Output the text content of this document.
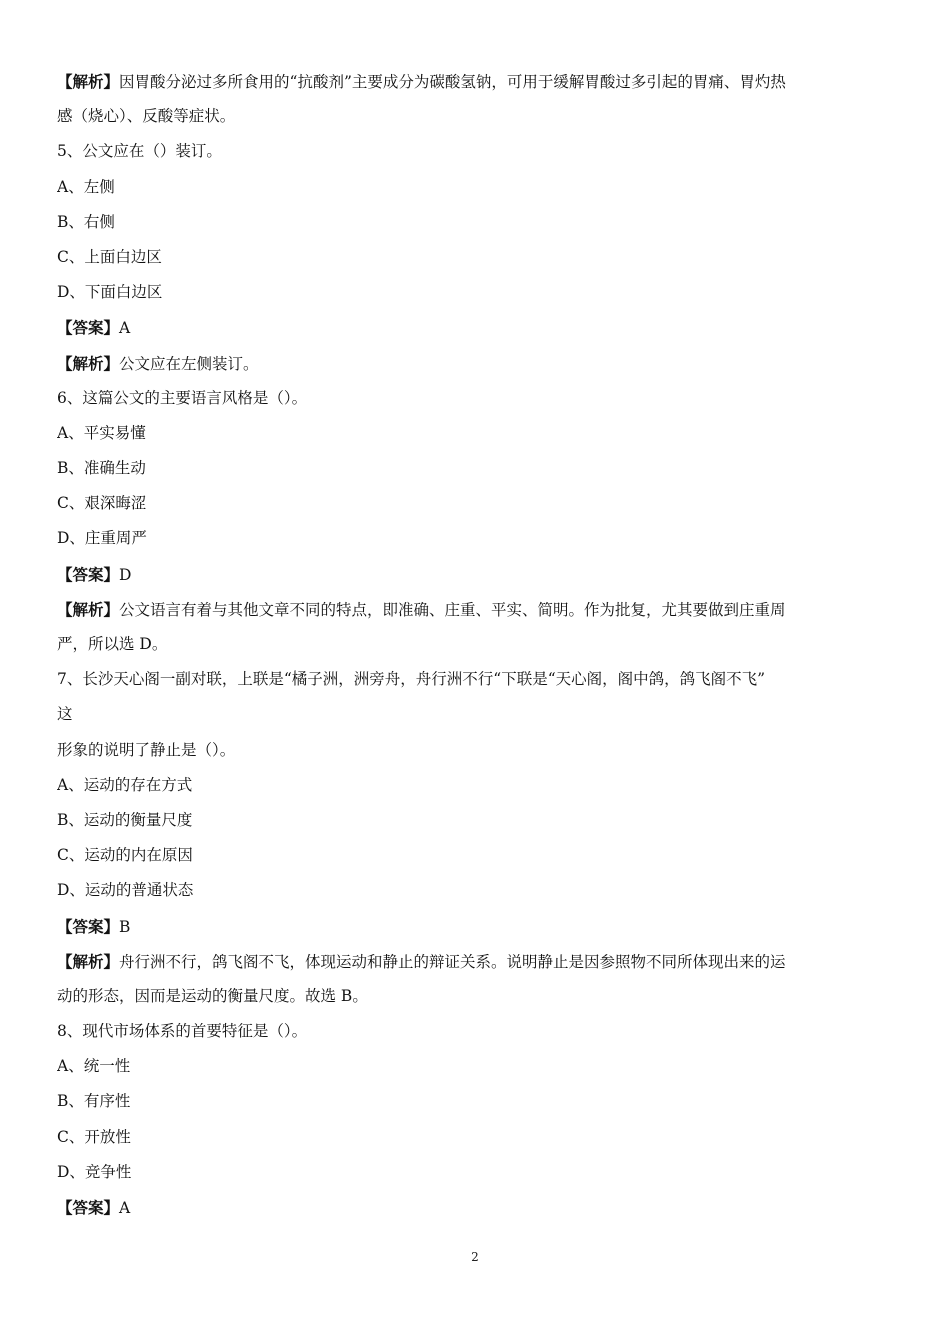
【解析】因胃酸分泌过多所食用的“抗酸剂”主要成分为碳酸氢钠，可用于缓解胃酸过多引起的胃痛、胃灼热
感（烧心）、反酸等症状。
5、公文应在（）装订。
A、左侧
B、右侧
C、上面白边区
D、下面白边区
【答案】A
【解析】公文应在左侧装订。
6、这篇公文的主要语言风格是（）。
A、平实易懂
B、准确生动
C、艰深晦涩
D、庄重周严
【答案】D
【解析】公文语言有着与其他文章不同的特点，即准确、庄重、平实、简明。作为批复，尤其要做到庄重周
严，所以选 D。
7、长沙天心阁一副对联，上联是“橘子洲，洲旁舟，舟行洲不行“下联是“天心阁，阁中鸽，鸽飞阁不飞”
这
形象的说明了静止是（）。
A、运动的存在方式
B、运动的衡量尺度
C、运动的内在原因
D、运动的普通状态
【答案】B
【解析】舟行洲不行，鸽飞阁不飞，体现运动和静止的辩证关系。说明静止是因参照物不同所体现出来的运
动的形态，因而是运动的衡量尺度。故选 B。
8、现代市场体系的首要特征是（）。
A、统一性
B、有序性
C、开放性
D、竞争性
【答案】A
2
